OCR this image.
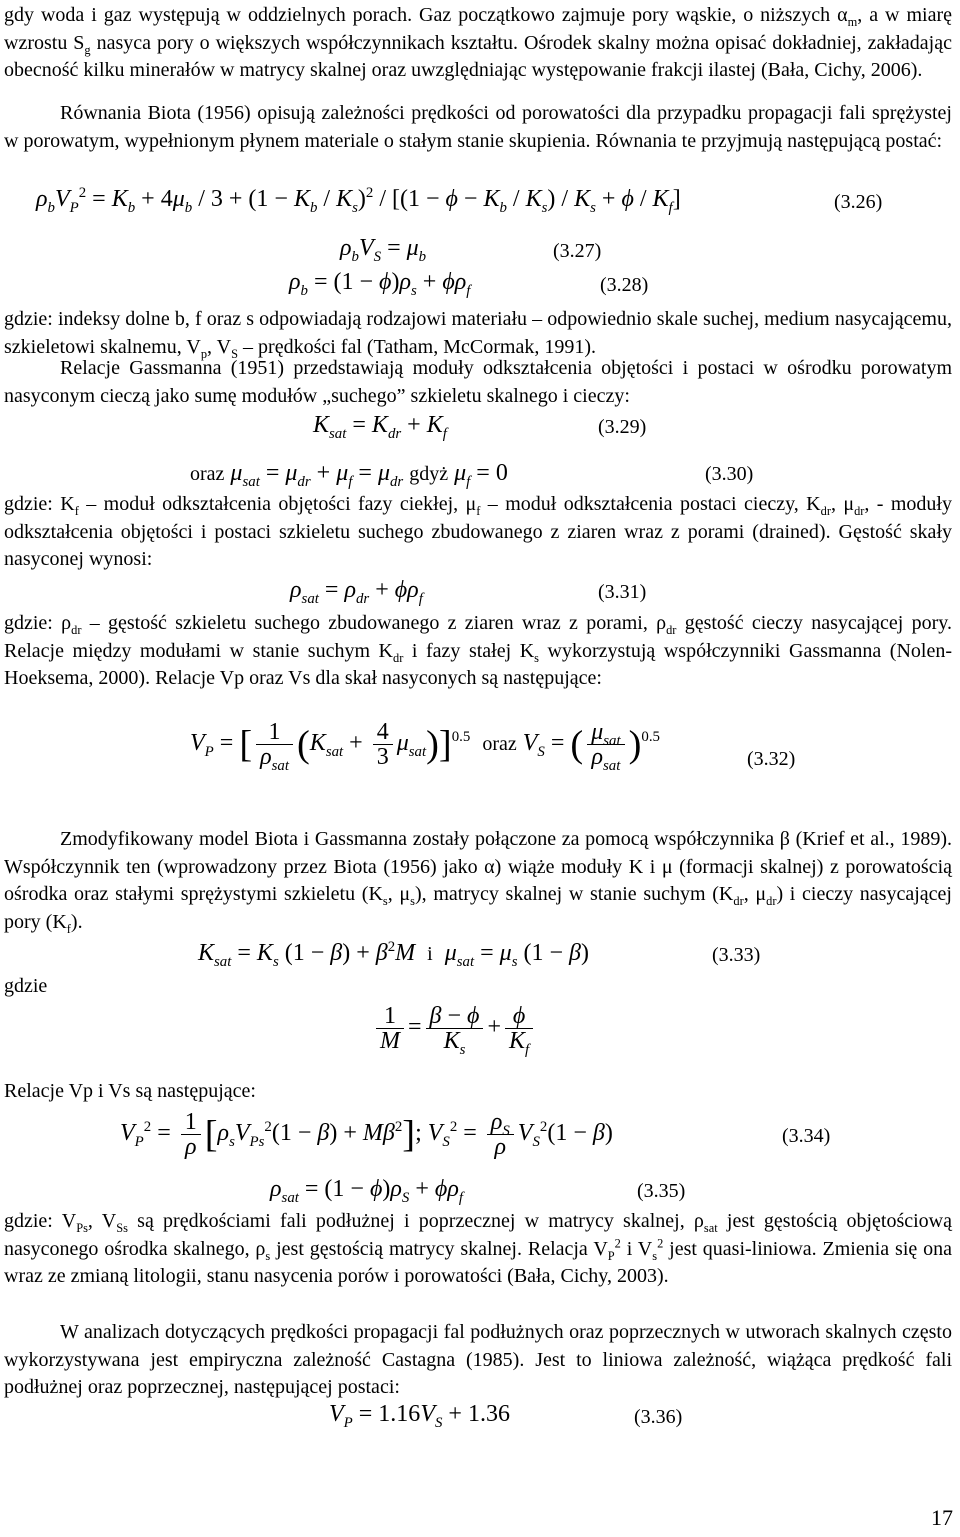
gdy woda i gaz występują w oddzielnych porach. Gaz początkowo zajmuje pory wąskie, o niższych $\alpha_m$, a w miarę wzrostu $S_g$ nasyca pory o większych współczynnikach kształtu. Ośrodek skalny można opisać dokładniej, zakładając obecność kilku minerałów w matrycy skalnej oraz uwzględniając występowanie frakcji ilastej (Bała, Cichy, 2006).

Równania Biota (1956) opisują zależności prędkości od porowatości dla przypadku propagacji fali sprężystej w porowatym, wypełnionym płynem materiale o stałym stanie skupienia. Równania te przyjmują następującą postać:

$\rho_bV_P^2 = K_b + 4\mu_b / 3 + (1 - K_b / K_s)^2 / [(1 - \phi - K_b / K_s) / K_s + \phi / K_f]$	(3.26)
$\rho_bV_S = \mu_b$	(3.27)
$\rho_b = (1 - \phi)\rho_s + \phi\rho_f$	(3.28)

gdzie: indeksy dolne b, f oraz s odpowiadają rodzajowi materiału – odpowiednio skale suchej, medium nasycającemu, szkieletowi skalnemu, $V_p$, $V_S$ – prędkości fal (Tatham, McCormak, 1991).

Relacje Gassmanna (1951) przedstawiają moduły odkształcenia objętości i postaci w ośrodku porowatym nasyconym cieczą jako sumę modułów „suchego” szkieletu skalnego i cieczy:

$K_{sat} = K_{dr} + K_f$	(3.29)
oraz $\mu_{sat} = \mu_{dr} + \mu_f = \mu_{dr}$ gdyż $\mu_f = 0$	(3.30)

gdzie: $K_f$ – moduł odkształcenia objętości fazy ciekłej, $\mu_f$ – moduł odkształcenia postaci cieczy, $K_{dr}$, $\mu_{dr}$, - moduły odkształcenia objętości i postaci szkieletu suchego zbudowanego z ziaren wraz z porami (drained). Gęstość skały nasyconej wynosi:

$\rho_{sat} = \rho_{dr} + \phi\rho_f$	(3.31)

gdzie: $\rho_{dr}$ – gęstość szkieletu suchego zbudowanego z ziaren wraz z porami, $\rho_{dr}$ gęstość cieczy nasycającej pory. Relacje między modułami w stanie suchym $K_{dr}$ i fazy stałej $K_s$ wykorzystują współczynniki Gassmanna (Nolen-Hoeksema, 2000). Relacje Vp oraz Vs dla skał nasyconych są następujące:

$V_P$ = [ $\frac{1}{\rho_{sat}} (K_{sat} + \frac{4}{3} \mu_{sat})]^{0.5}$ oraz $V_S$ = ( $\frac{\mu_{sat}}{\rho_{sat}} )^{0.5}$
(3.32)

Zmodyfikowany model Biota i Gassmanna zostały połączone za pomocą współczynnika β (Krief et al., 1989). Współczynnik ten (wprowadzony przez Biota (1956) jako α) wiąże moduły K i μ (formacji skalnej) z porowatością ośrodka oraz stałymi sprężystymi szkieletu ($K_s$, $\mu_s$), matrycy skalnej w stanie suchym ($K_{dr}$, $\mu_{dr}$) i cieczy nasycającej pory $(K_f)$.

$K_{sat} = K_s$ $(1 - \beta) + \beta^2M$  i  $\mu_{sat} = \mu_s$ (1 − β)	(3.33)

gdzie

$\frac{1}{M} = \frac{\beta - \phi}{K_s} + \frac{\phi}{K_f}$

Relacje Vp i Vs są następujące:

$V_P^2 = \frac{1}{\rho} [\rho_sV_{Ps}^2(1 - \beta) + M\beta^2]$; $V_S^2 = \frac{\rho_S}{\rho} V_S^2(1 - \beta)$	(3.34)
$\rho_{sat} = (1 - \phi)\rho_S + \phi\rho_f$	(3.35)

gdzie: $V_{Ps}$, $V_{Ss}$ są prędkościami fali podłużnej i poprzecznej w matrycy skalnej, $\rho_{sat}$ jest gęstością objętościową nasyconego ośrodka skalnego, $\rho_s$ jest gęstością matrycy skalnej. Relacja $V_P^2$ i $V_s^2$ jest quasi-liniowa. Zmienia się ona wraz ze zmianą litologii, stanu nasycenia porów i porowatości (Bała, Cichy, 2003).

W analizach dotyczących prędkości propagacji fal podłużnych oraz poprzecznych w utworach skalnych często wykorzystywana jest empiryczna zależność Castagna (1985). Jest to liniowa zależność, wiążąca prędkość fali podłużnej oraz poprzecznej, następującej postaci:

$V_P = 1.16V_S + 1.36$	(3.36)
17
